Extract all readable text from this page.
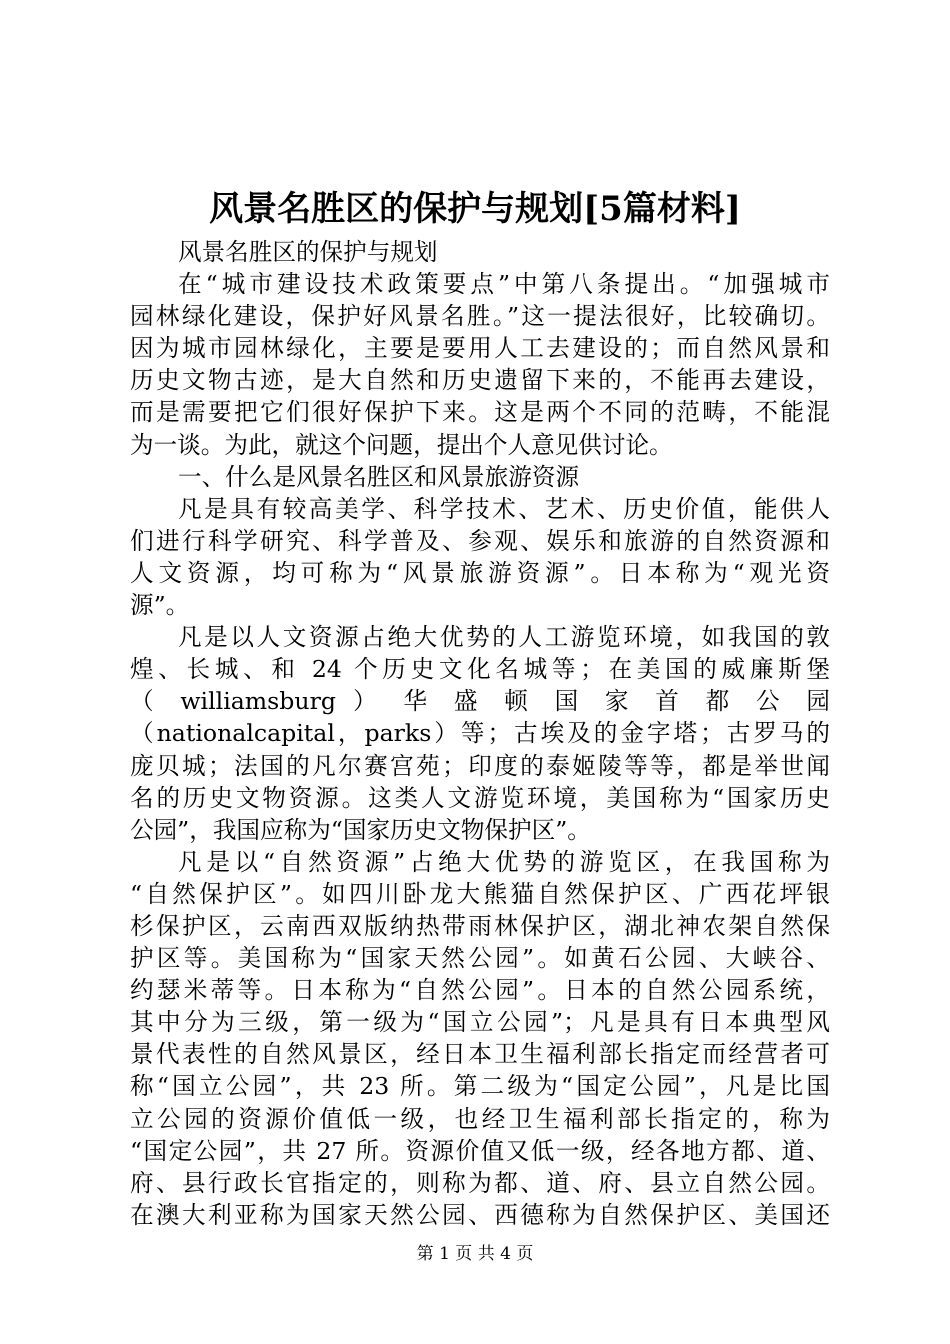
风景名胜区的保护与规划[5篇材料]
风景名胜区的保护与规划
在“城市建设技术政策要点”中第八条提出。“加强城市
园林绿化建设，保护好风景名胜。”这一提法很好，比较确切。
因为城市园林绿化，主要是要用人工去建设的；而自然风景和
历史文物古迹，是大自然和历史遗留下来的，不能再去建设，
而是需要把它们很好保护下来。这是两个不同的范畴，不能混
为一谈。为此，就这个问题，提出个人意见供讨论。
一、什么是风景名胜区和风景旅游资源
凡是具有较高美学、科学技术、艺术、历史价值，能供人
们进行科学研究、科学普及、参观、娱乐和旅游的自然资源和
人文资源，均可称为“风景旅游资源”。日本称为“观光资
源”。
凡是以人文资源占绝大优势的人工游览环境，如我国的敦
煌、长城、和 24 个历史文化名城等；在美国的威廉斯堡
（ williamsburg ） 华 盛 顿 国 家 首 都 公 园
（nationalcapital，parks）等；古埃及的金字塔；古罗马的
庞贝城；法国的凡尔赛宫苑；印度的泰姬陵等等，都是举世闻
名的历史文物资源。这类人文游览环境，美国称为“国家历史
公园”，我国应称为“国家历史文物保护区”。
凡是以“自然资源”占绝大优势的游览区，在我国称为
“自然保护区”。如四川卧龙大熊猫自然保护区、广西花坪银
杉保护区，云南西双版纳热带雨林保护区，湖北神农架自然保
护区等。美国称为“国家天然公园”。如黄石公园、大峡谷、
约瑟米蒂等。日本称为“自然公园”。日本的自然公园系统，
其中分为三级，第一级为“国立公园”；凡是具有日本典型风
景代表性的自然风景区，经日本卫生福利部长指定而经营者可
称“国立公园”，共 23 所。第二级为“国定公园”，凡是比国
立公园的资源价值低一级，也经卫生福利部长指定的，称为
“国定公园”，共 27 所。资源价值又低一级，经各地方都、道、
府、县行政长官指定的，则称为都、道、府、县立自然公园。
在澳大利亚称为国家天然公园、西德称为自然保护区、美国还
第 1 页 共 4 页
